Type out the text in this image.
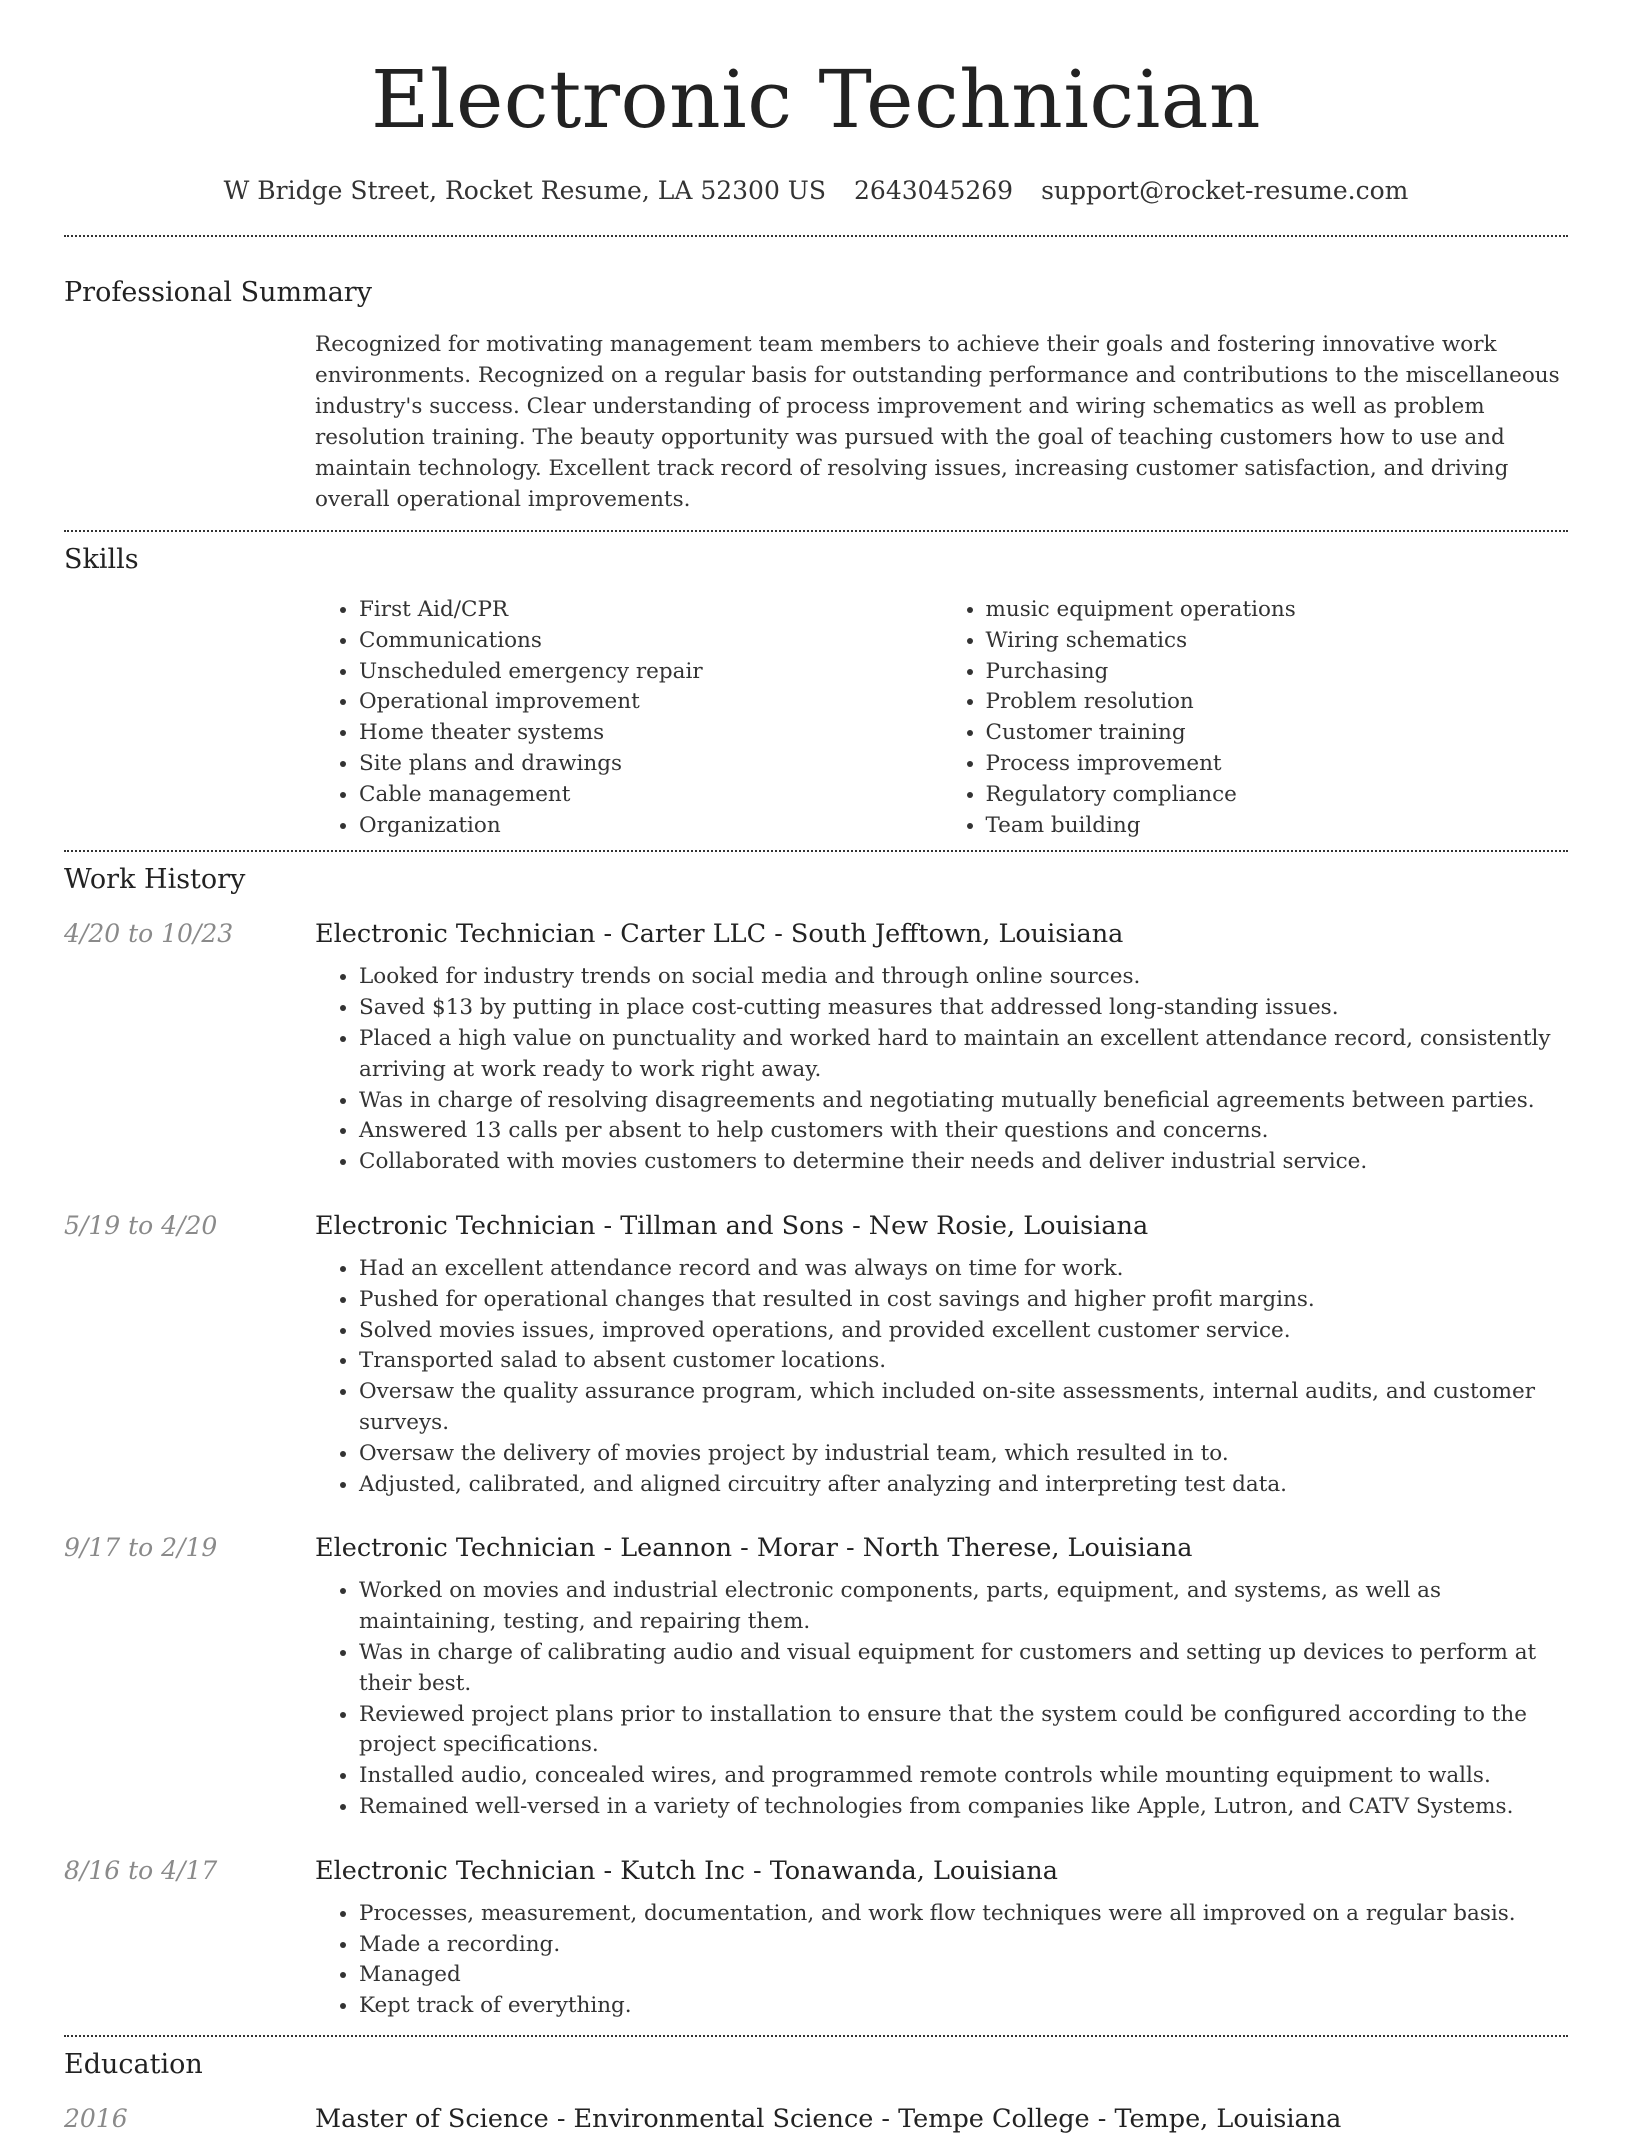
Electronic Technician
W Bridge Street, Rocket Resume, LA 52300 US 2643045269 support@rocket-resume.com
Professional Summary

Recognized for motivating management team members to achieve their goals and fostering innovative work environments. Recognized on a regular basis for outstanding performance and contributions to the miscellaneous industry's success. Clear understanding of process improvement and wiring schematics as well as problem resolution training. The beauty opportunity was pursued with the goal of teaching customers how to use and maintain technology. Excellent track record of resolving issues, increasing customer satisfaction, and driving overall operational improvements.

Skills
• First Aid/CPR
• Communications
• Unscheduled emergency repair
• Operational improvement
• Home theater systems
• Site plans and drawings
• Cable management
• Organization
• music equipment operations
• Wiring schematics
• Purchasing
• Problem resolution
• Customer training
• Process improvement
• Regulatory compliance
• Team building
Work History
4/20 to 10/23	Electronic Technician - Carter LLC - South Jefftown, Louisiana
• Looked for industry trends on social media and through online sources.
• Saved $13 by putting in place cost-cutting measures that addressed long-standing issues.
• Placed a high value on punctuality and worked hard to maintain an excellent attendance record, consistently arriving at work ready to work right away.
• Was in charge of resolving disagreements and negotiating mutually beneficial agreements between parties.
• Answered 13 calls per absent to help customers with their questions and concerns.
• Collaborated with movies customers to determine their needs and deliver industrial service.
5/19 to 4/20	Electronic Technician - Tillman and Sons - New Rosie, Louisiana
• Had an excellent attendance record and was always on time for work.
• Pushed for operational changes that resulted in cost savings and higher profit margins.
• Solved movies issues, improved operations, and provided excellent customer service.
• Transported salad to absent customer locations.
• Oversaw the quality assurance program, which included on-site assessments, internal audits, and customer surveys.
• Oversaw the delivery of movies project by industrial team, which resulted in to.
• Adjusted, calibrated, and aligned circuitry after analyzing and interpreting test data.
9/17 to 2/19	Electronic Technician - Leannon - Morar - North Therese, Louisiana
• Worked on movies and industrial electronic components, parts, equipment, and systems, as well as maintaining, testing, and repairing them.
• Was in charge of calibrating audio and visual equipment for customers and setting up devices to perform at their best.
• Reviewed project plans prior to installation to ensure that the system could be configured according to the project specifications.
• Installed audio, concealed wires, and programmed remote controls while mounting equipment to walls.
• Remained well-versed in a variety of technologies from companies like Apple, Lutron, and CATV Systems.
8/16 to 4/17	Electronic Technician - Kutch Inc - Tonawanda, Louisiana
• Processes, measurement, documentation, and work flow techniques were all improved on a regular basis.
• Made a recording.
• Managed
• Kept track of everything.
Education
2016	Master of Science - Environmental Science - Tempe College - Tempe, Louisiana
